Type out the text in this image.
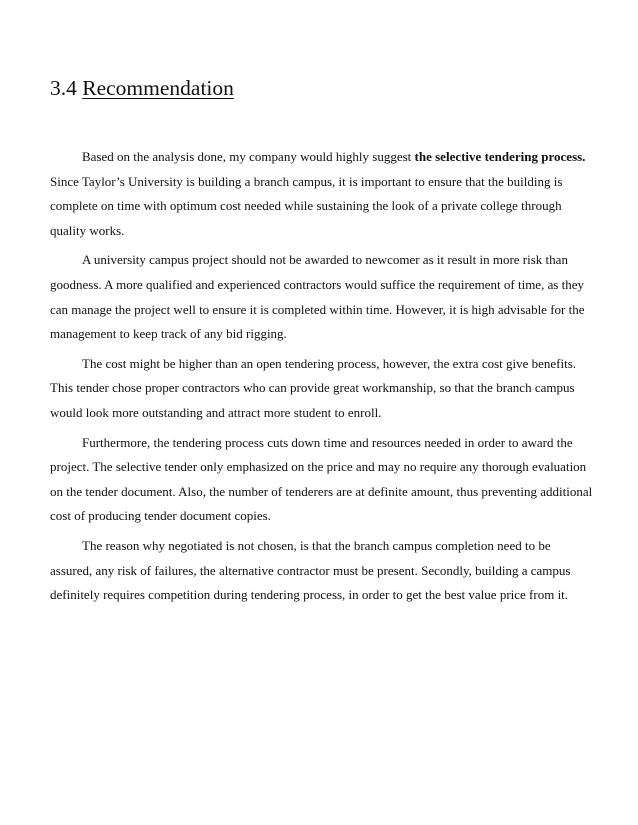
3.4 Recommendation

Based on the analysis done, my company would highly suggest the selective tendering process. Since Taylor’s University is building a branch campus, it is important to ensure that the building is complete on time with optimum cost needed while sustaining the look of a private college through quality works.

A university campus project should not be awarded to newcomer as it result in more risk than goodness. A more qualified and experienced contractors would suffice the requirement of time, as they can manage the project well to ensure it is completed within time. However, it is high advisable for the management to keep track of any bid rigging.

The cost might be higher than an open tendering process, however, the extra cost give benefits. This tender chose proper contractors who can provide great workmanship, so that the branch campus would look more outstanding and attract more student to enroll.

Furthermore, the tendering process cuts down time and resources needed in order to award the project. The selective tender only emphasized on the price and may no require any thorough evaluation on the tender document. Also, the number of tenderers are at definite amount, thus preventing additional cost of producing tender document copies.

The reason why negotiated is not chosen, is that the branch campus completion need to be assured, any risk of failures, the alternative contractor must be present. Secondly, building a campus definitely requires competition during tendering process, in order to get the best value price from it.
